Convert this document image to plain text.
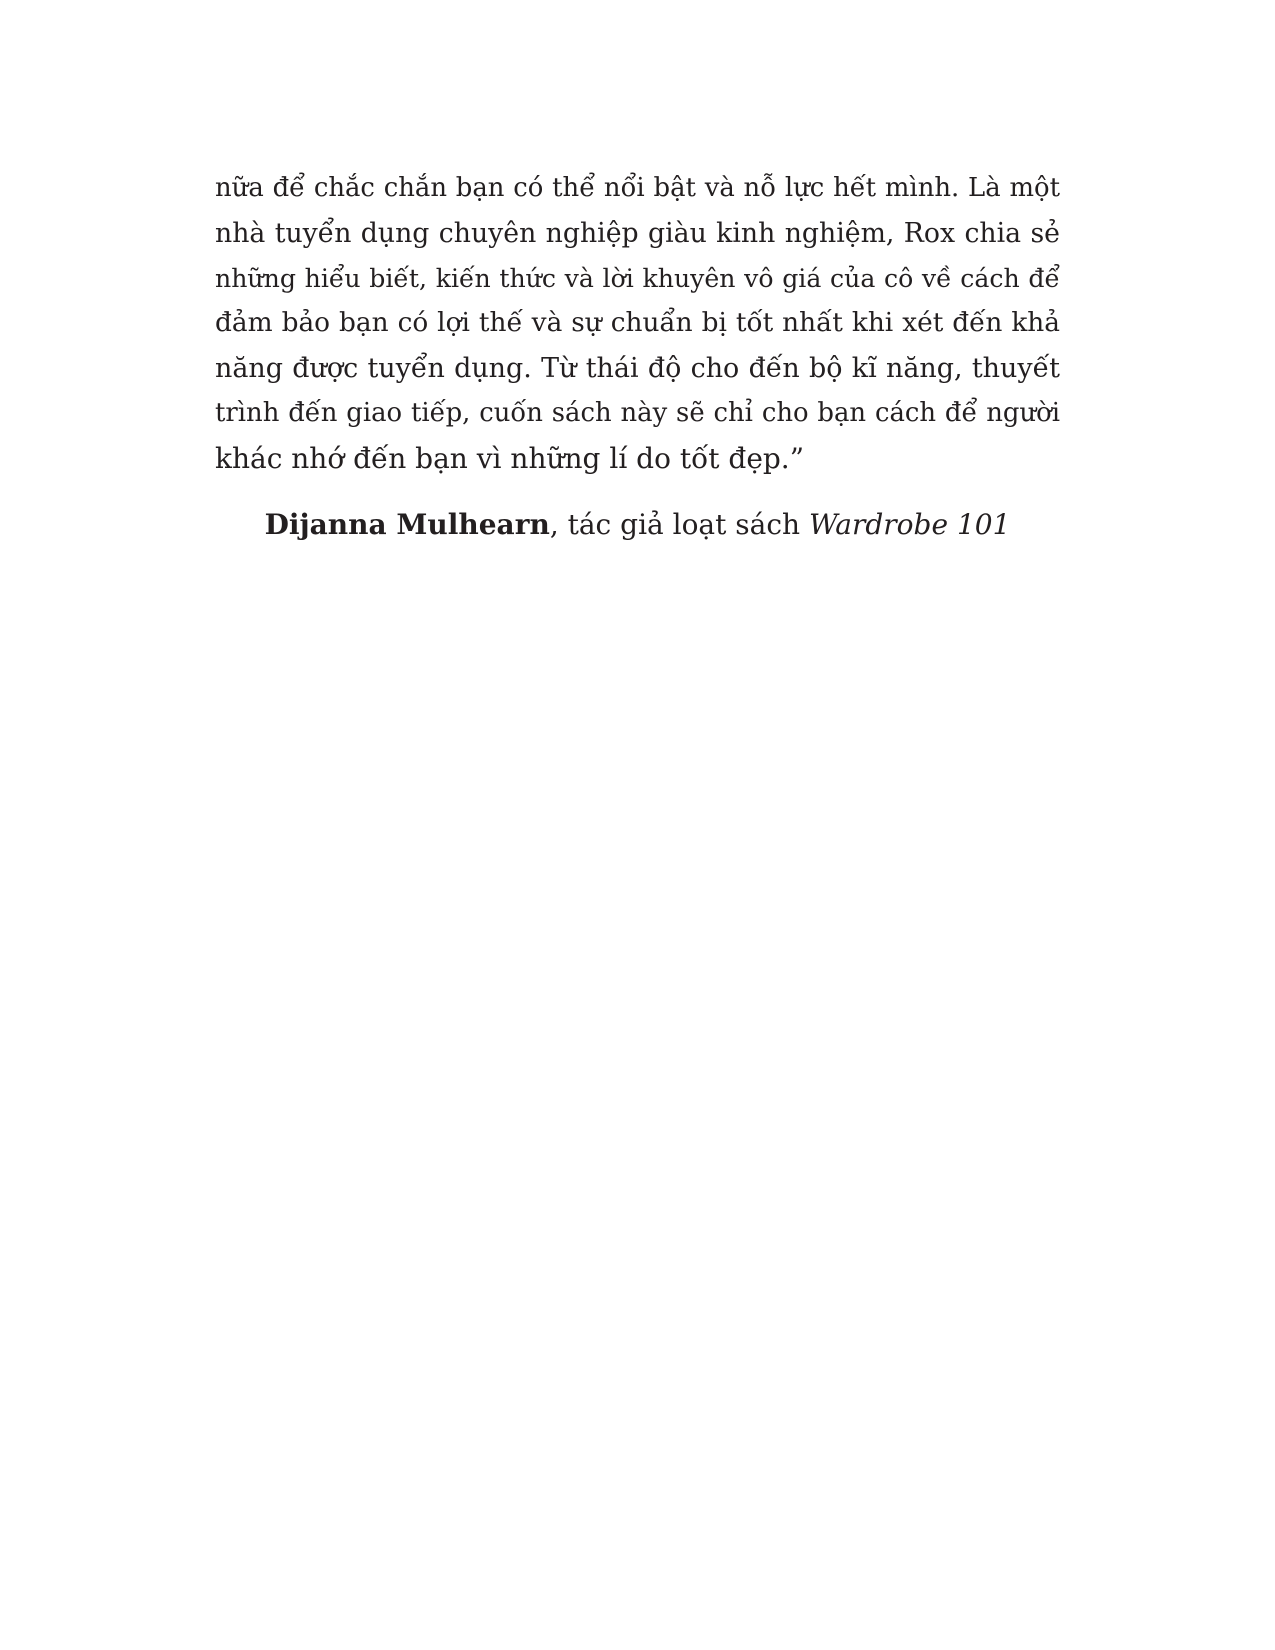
nữa để chắc chắn bạn có thể nổi bật và nỗ lực hết mình. Là một
nhà tuyển dụng chuyên nghiệp giàu kinh nghiệm, Rox chia sẻ
những hiểu biết, kiến thức và lời khuyên vô giá của cô về cách để
đảm bảo bạn có lợi thế và sự chuẩn bị tốt nhất khi xét đến khả
năng được tuyển dụng. Từ thái độ cho đến bộ kĩ năng, thuyết
trình đến giao tiếp, cuốn sách này sẽ chỉ cho bạn cách để người
khác nhớ đến bạn vì những lí do tốt đẹp.”

Dijanna Mulhearn, tác giả loạt sách Wardrobe 101
